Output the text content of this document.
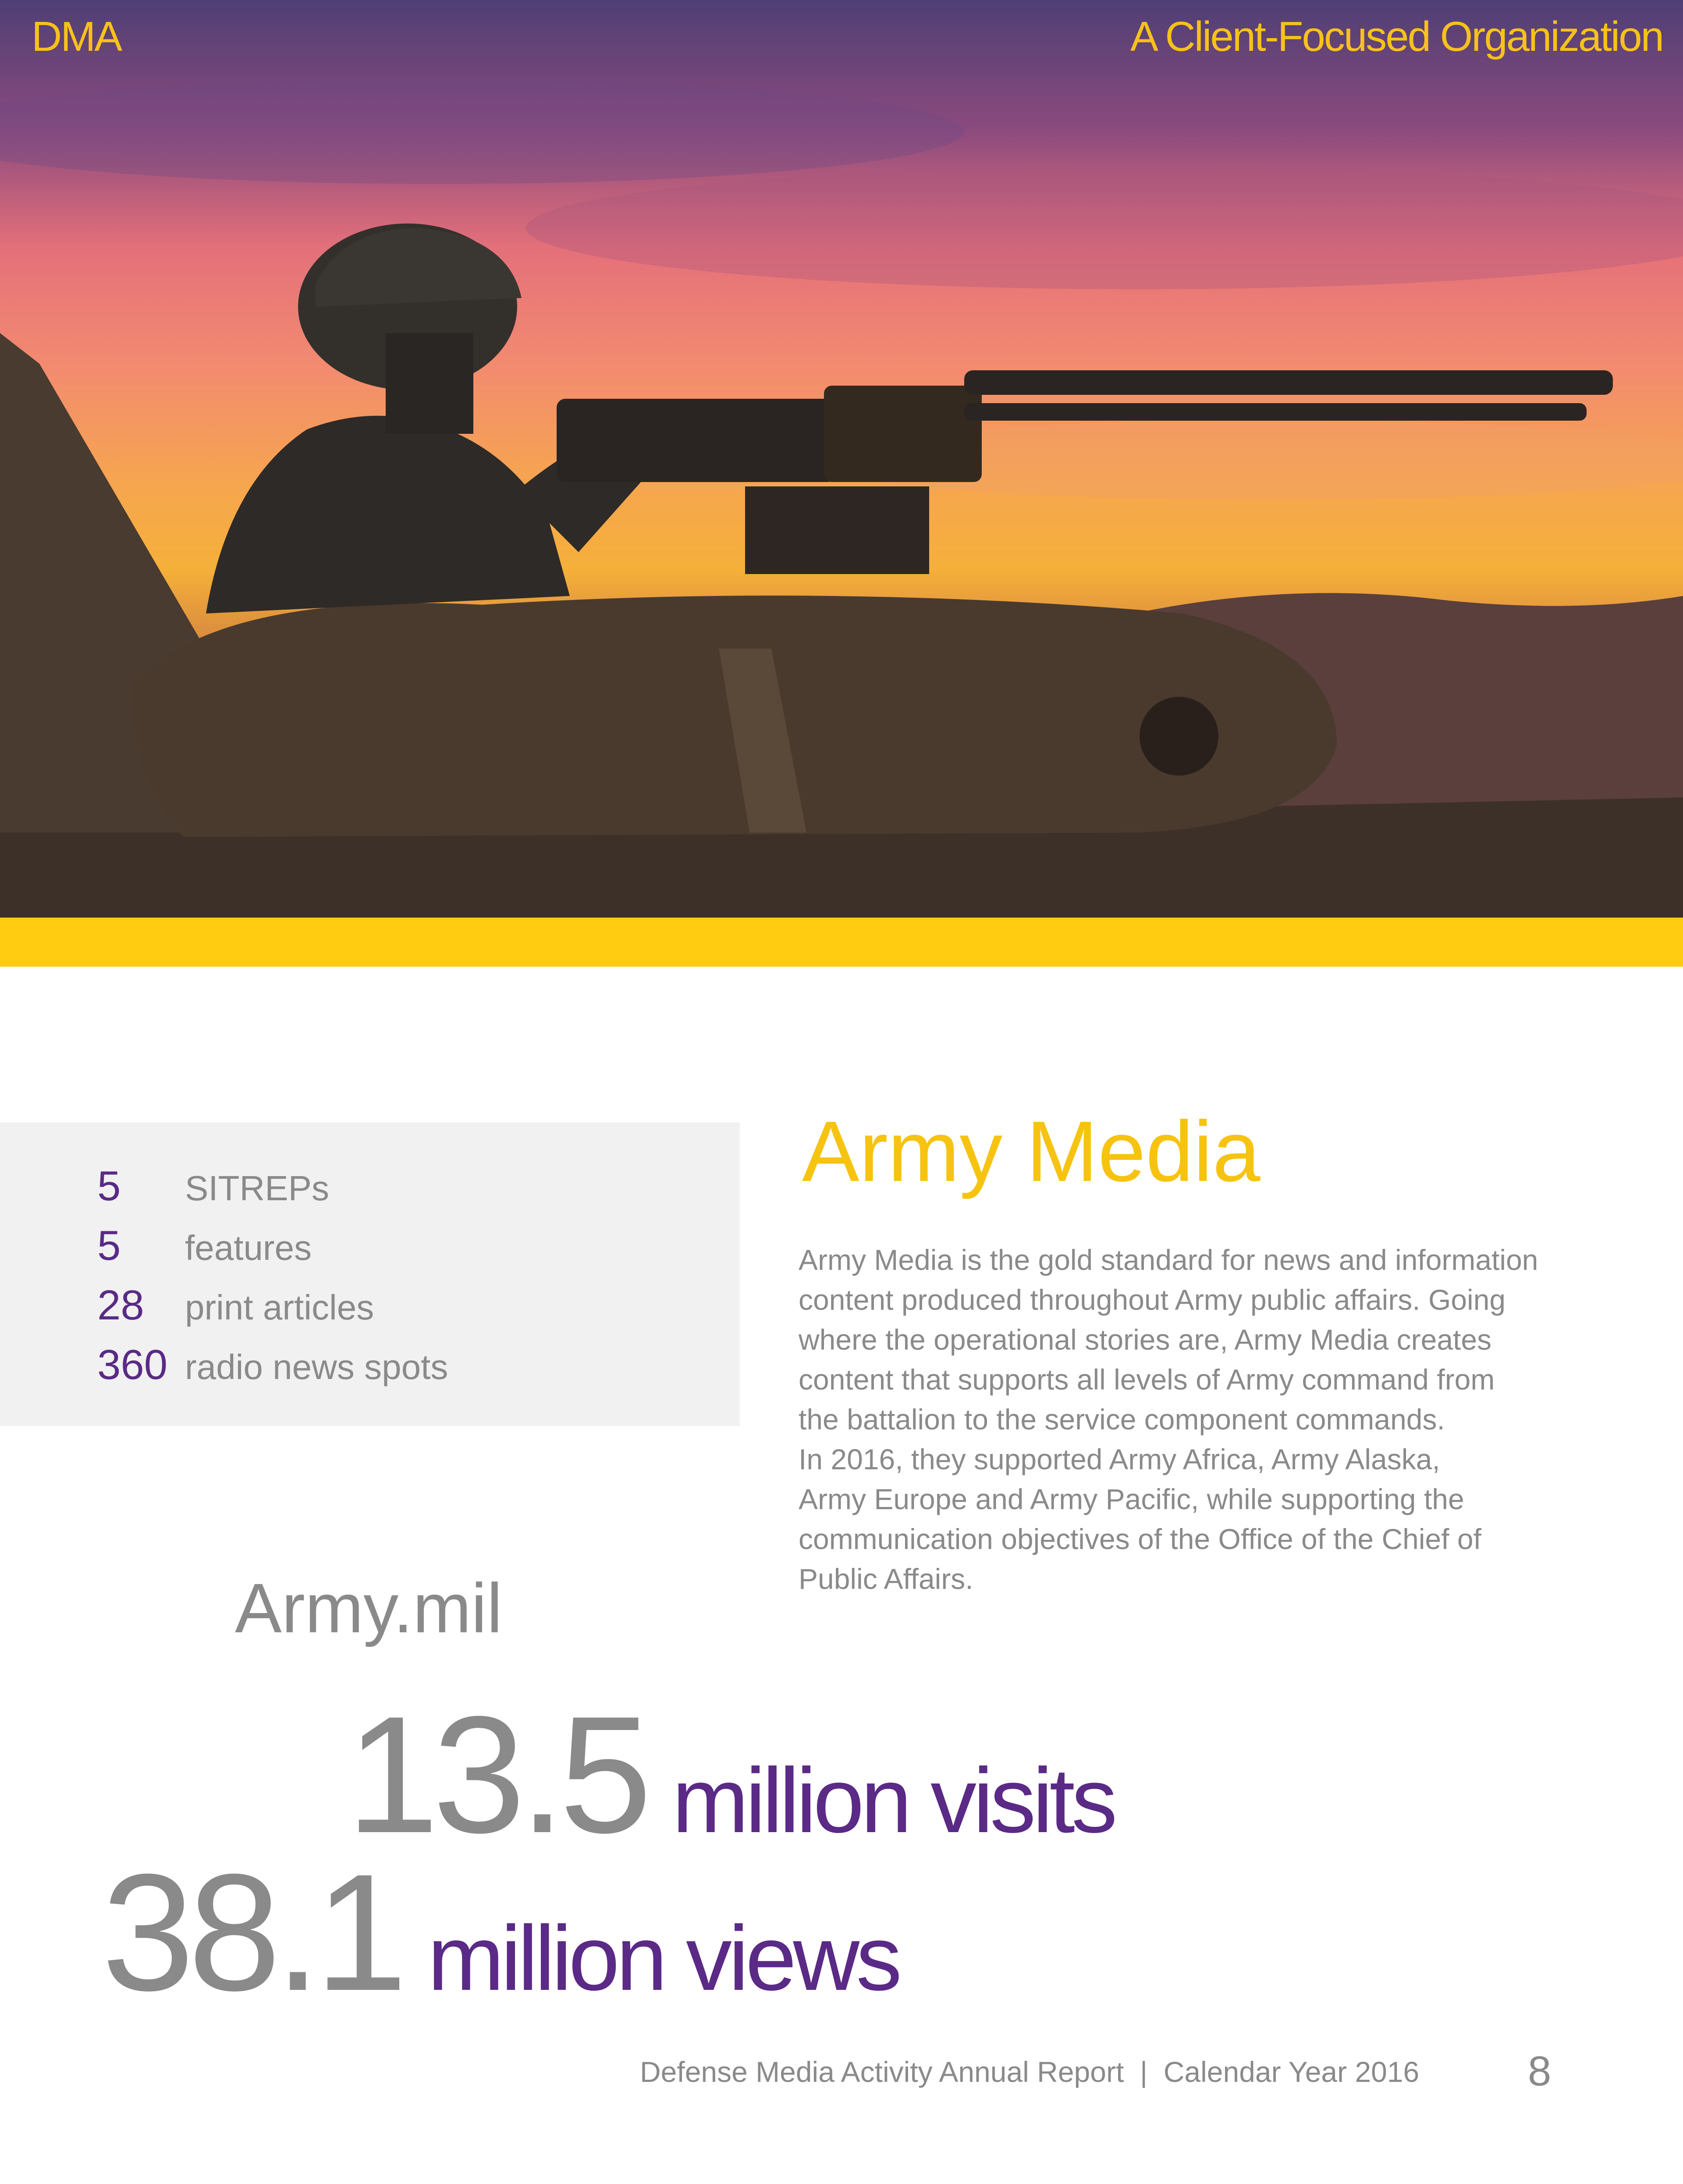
DMA	A Client-Focused Organization
5 SITREPs
5 features
28 print articles
360 radio news spots
Army Media

Army Media is the gold standard for news and information

content produced throughout Army public affairs. Going

where the operational stories are, Army Media creates

content that supports all levels of Army command from

the battalion to the service component commands.

In 2016, they supported Army Africa, Army Alaska,

Army Europe and Army Pacific, while supporting the

communication objectives of the Office of the Chief of

Public Affairs.

Army.mil
13.5 million visits
38.1 million views
Defense Media Activity Annual Report  |  Calendar Year 2016	8
